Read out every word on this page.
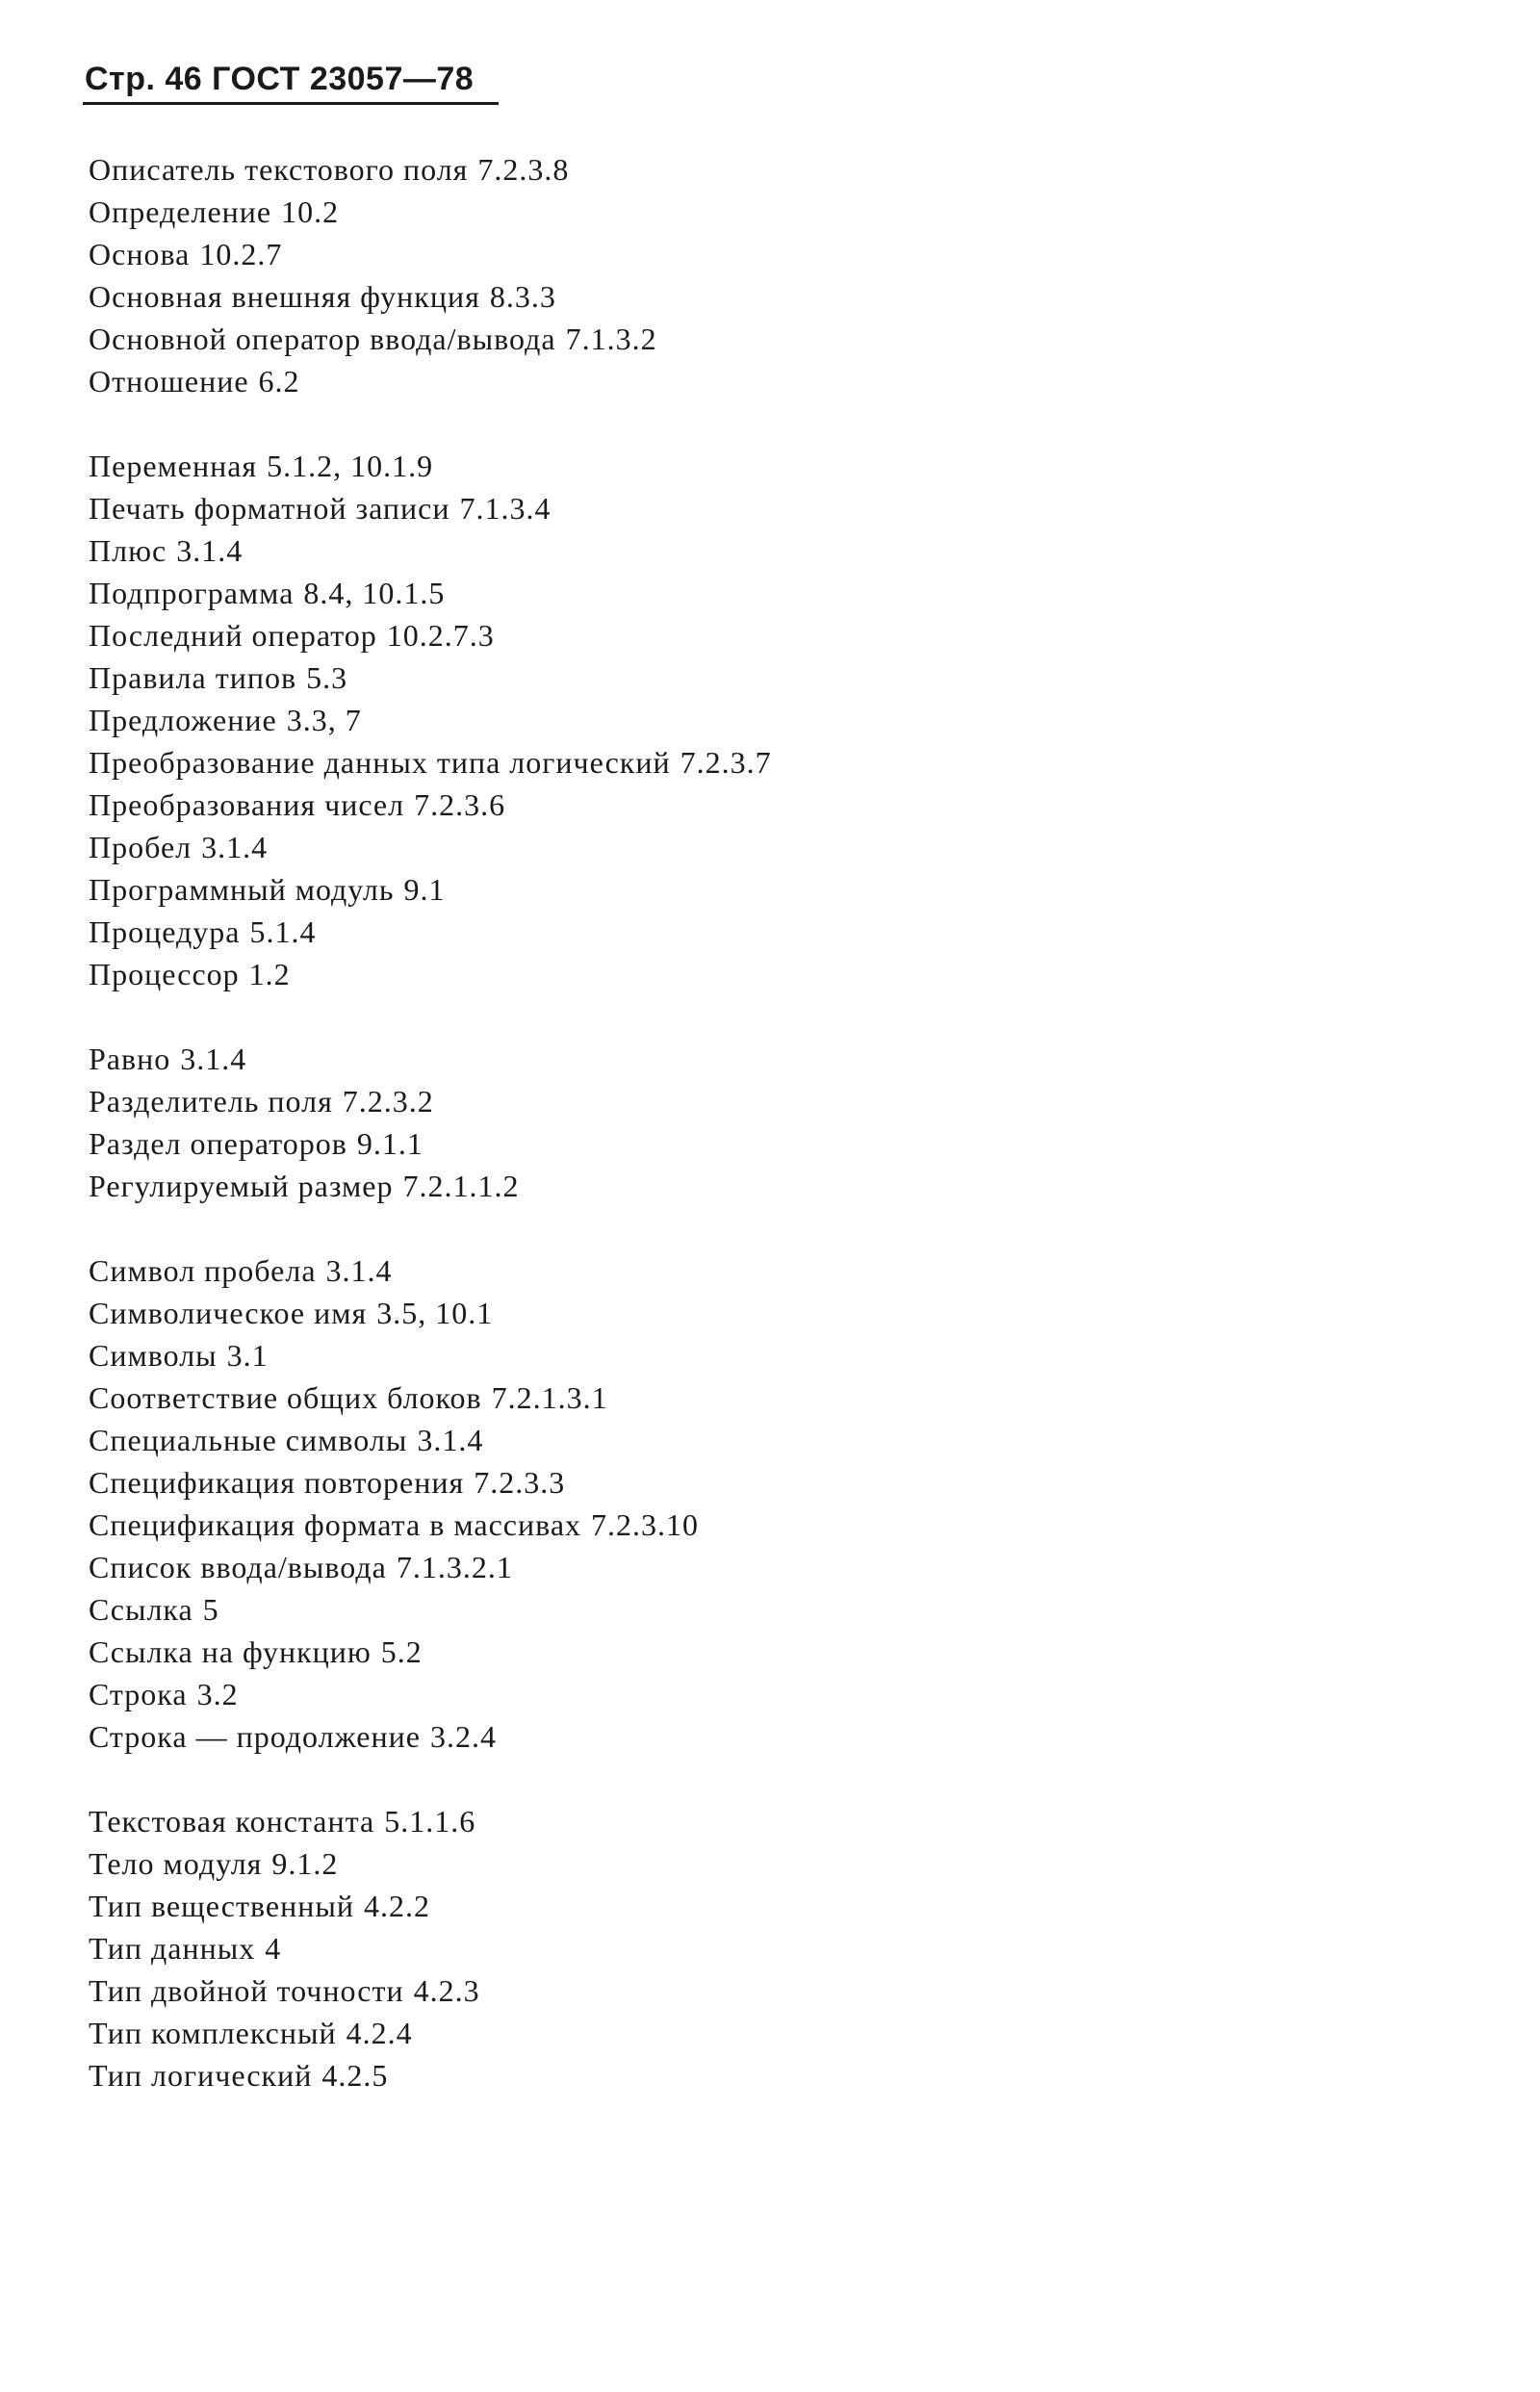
Стр. 46 ГОСТ 23057—78
Описатель текстового поля 7.2.3.8
Определение 10.2
Основа 10.2.7
Основная внешняя функция 8.3.3
Основной оператор ввода/вывода 7.1.3.2
Отношение 6.2
Переменная 5.1.2, 10.1.9
Печать форматной записи 7.1.3.4
Плюс 3.1.4
Подпрограмма 8.4, 10.1.5
Последний оператор 10.2.7.3
Правила типов 5.3
Предложение 3.3, 7
Преобразование данных типа логический 7.2.3.7
Преобразования чисел 7.2.3.6
Пробел 3.1.4
Программный модуль 9.1
Процедура 5.1.4
Процессор 1.2
Равно 3.1.4
Разделитель поля 7.2.3.2
Раздел операторов 9.1.1
Регулируемый размер 7.2.1.1.2
Символ пробела 3.1.4
Символическое имя 3.5, 10.1
Символы 3.1
Соответствие общих блоков 7.2.1.3.1
Специальные символы 3.1.4
Спецификация повторения 7.2.3.3
Спецификация формата в массивах 7.2.3.10
Список ввода/вывода 7.1.3.2.1
Ссылка 5
Ссылка на функцию 5.2
Строка 3.2
Строка — продолжение 3.2.4
Текстовая константа 5.1.1.6
Тело модуля 9.1.2
Тип вещественный 4.2.2
Тип данных 4
Тип двойной точности 4.2.3
Тип комплексный 4.2.4
Тип логический 4.2.5
